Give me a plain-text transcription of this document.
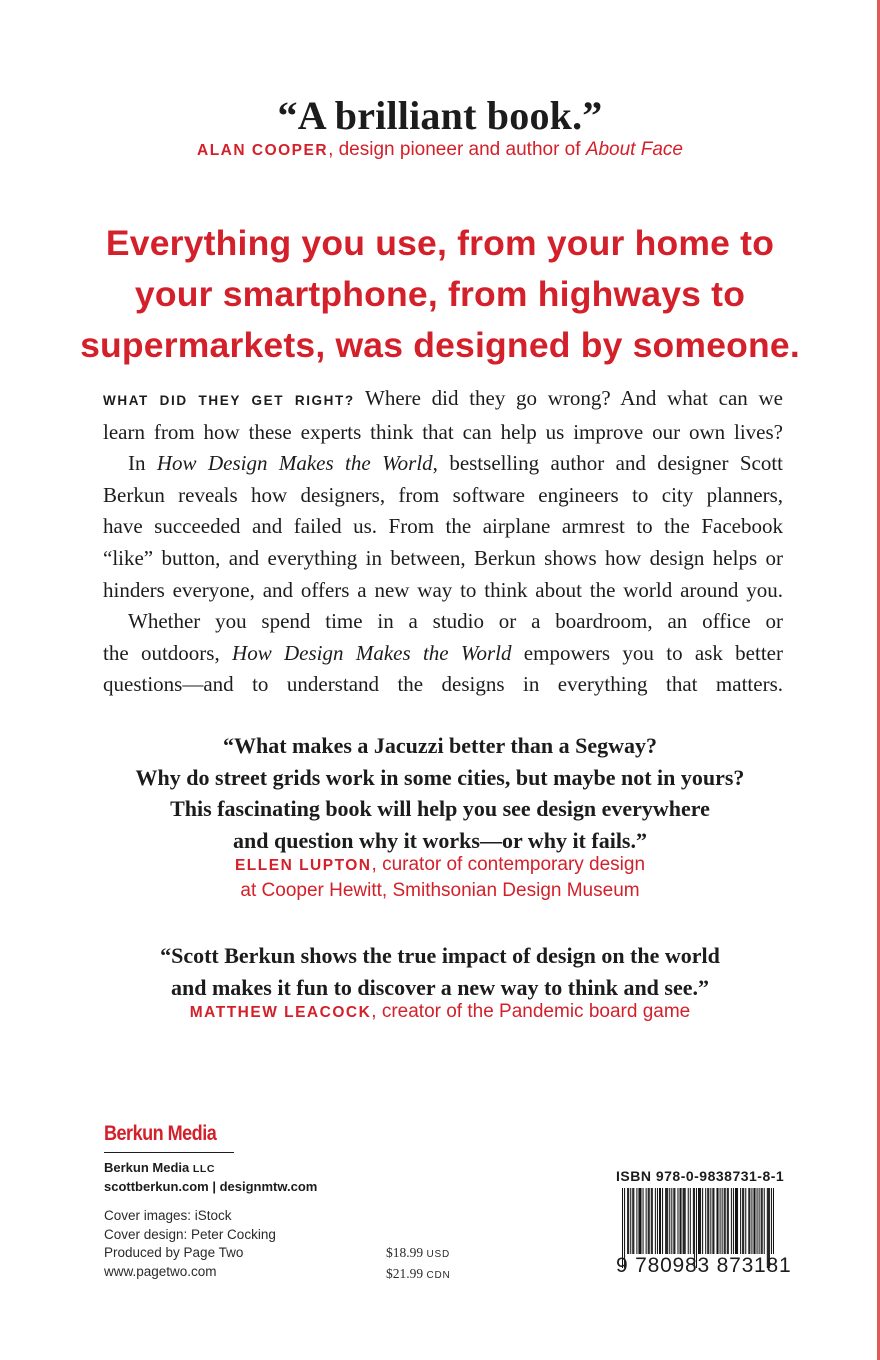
“A brilliant book.”
ALAN COOPER, design pioneer and author of About Face
Everything you use, from your home to
your smartphone, from highways to
supermarkets, was designed by someone.
WHAT DID THEY GET RIGHT? Where did they go wrong? And what can we
learn from how these experts think that can help us improve our own lives?
In How Design Makes the World, bestselling author and designer Scott
Berkun reveals how designers, from software engineers to city planners,
have succeeded and failed us. From the airplane armrest to the Facebook
“like” button, and everything in between, Berkun shows how design helps or
hinders everyone, and offers a new way to think about the world around you.
Whether you spend time in a studio or a boardroom, an office or
the outdoors, How Design Makes the World empowers you to ask better
questions—and to understand the designs in everything that matters.
“What makes a Jacuzzi better than a Segway?
Why do street grids work in some cities, but maybe not in yours?
This fascinating book will help you see design everywhere
and question why it works—or why it fails.”
ELLEN LUPTON, curator of contemporary design
at Cooper Hewitt, Smithsonian Design Museum
“Scott Berkun shows the true impact of design on the world
and makes it fun to discover a new way to think and see.”
MATTHEW LEACOCK, creator of the Pandemic board game
Berkun Media
Berkun Media LLC
scottberkun.com | designmtw.com
Cover images: iStock
Cover design: Peter Cocking
Produced by Page Two
www.pagetwo.com
$18.99 USD
$21.99 CDN
ISBN 978-0-9838731-8-1
9 780983 873181
